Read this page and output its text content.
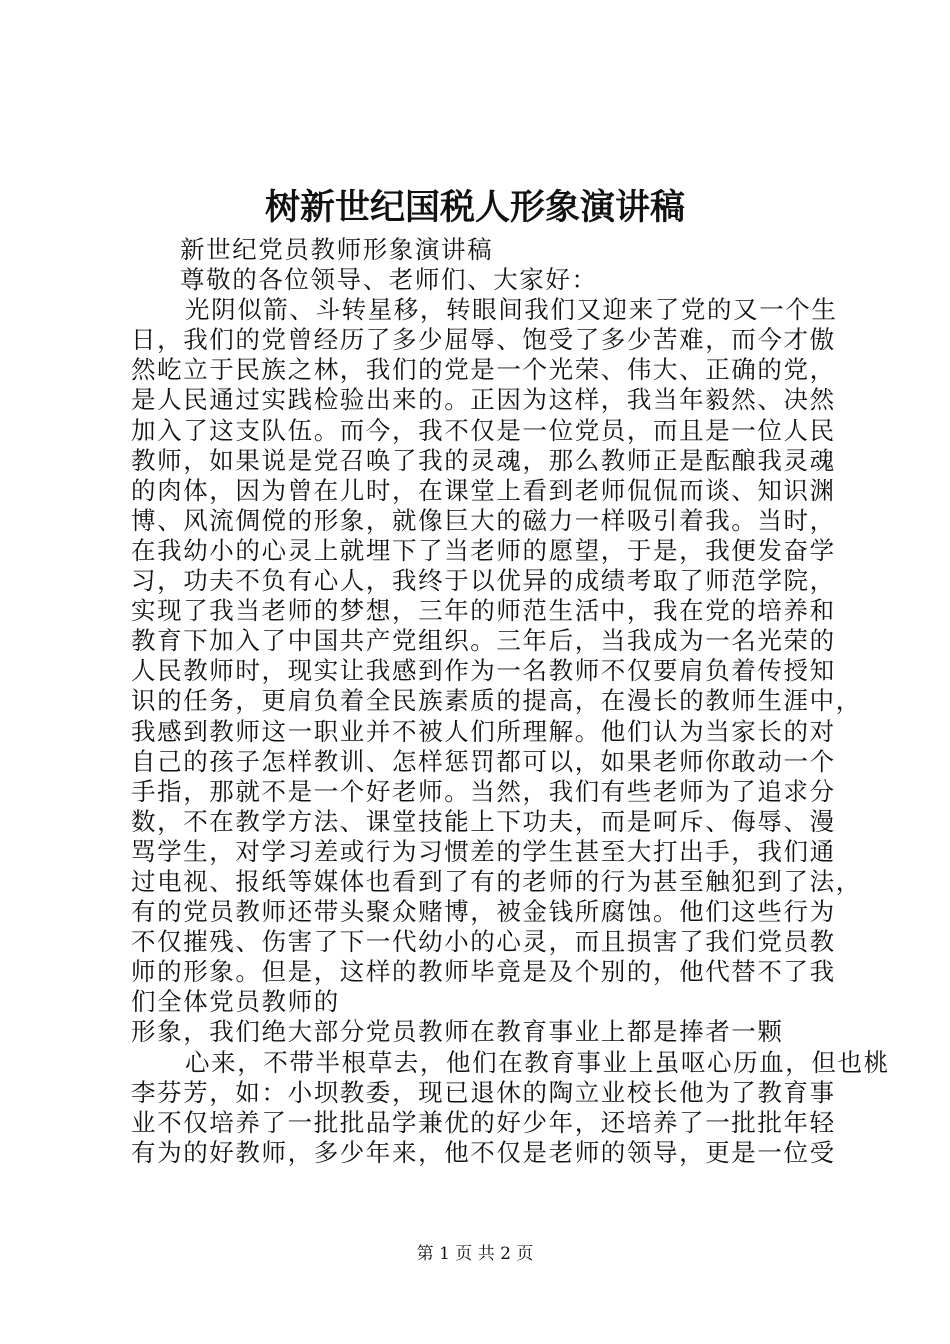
树新世纪国税人形象演讲稿
新世纪党员教师形象演讲稿
尊敬的各位领导、老师们、大家好：
光阴似箭、斗转星移，转眼间我们又迎来了党的又一个生
日，我们的党曾经历了多少屈辱、饱受了多少苦难，而今才傲
然屹立于民族之林，我们的党是一个光荣、伟大、正确的党，
是人民通过实践检验出来的。正因为这样，我当年毅然、决然
加入了这支队伍。而今，我不仅是一位党员，而且是一位人民
教师，如果说是党召唤了我的灵魂，那么教师正是酝酿我灵魂
的肉体，因为曾在儿时，在课堂上看到老师侃侃而谈、知识渊
博、风流倜傥的形象，就像巨大的磁力一样吸引着我。当时，
在我幼小的心灵上就埋下了当老师的愿望，于是，我便发奋学
习，功夫不负有心人，我终于以优异的成绩考取了师范学院，
实现了我当老师的梦想，三年的师范生活中，我在党的培养和
教育下加入了中国共产党组织。三年后，当我成为一名光荣的
人民教师时，现实让我感到作为一名教师不仅要肩负着传授知
识的任务，更肩负着全民族素质的提高，在漫长的教师生涯中，
我感到教师这一职业并不被人们所理解。他们认为当家长的对
自己的孩子怎样教训、怎样惩罚都可以，如果老师你敢动一个
手指，那就不是一个好老师。当然，我们有些老师为了追求分
数，不在教学方法、课堂技能上下功夫，而是呵斥、侮辱、漫
骂学生，对学习差或行为习惯差的学生甚至大打出手，我们通
过电视、报纸等媒体也看到了有的老师的行为甚至触犯到了法，
有的党员教师还带头聚众赌博，被金钱所腐蚀。他们这些行为
不仅摧残、伤害了下一代幼小的心灵，而且损害了我们党员教
师的形象。但是，这样的教师毕竟是及个别的，他代替不了我
们全体党员教师的
形象，我们绝大部分党员教师在教育事业上都是捧者一颗
心来，不带半根草去，他们在教育事业上虽呕心历血，但也桃
李芬芳，如：小坝教委，现已退休的陶立业校长他为了教育事
业不仅培养了一批批品学兼优的好少年，还培养了一批批年轻
有为的好教师，多少年来，他不仅是老师的领导，更是一位受
第 1 页 共 2 页
